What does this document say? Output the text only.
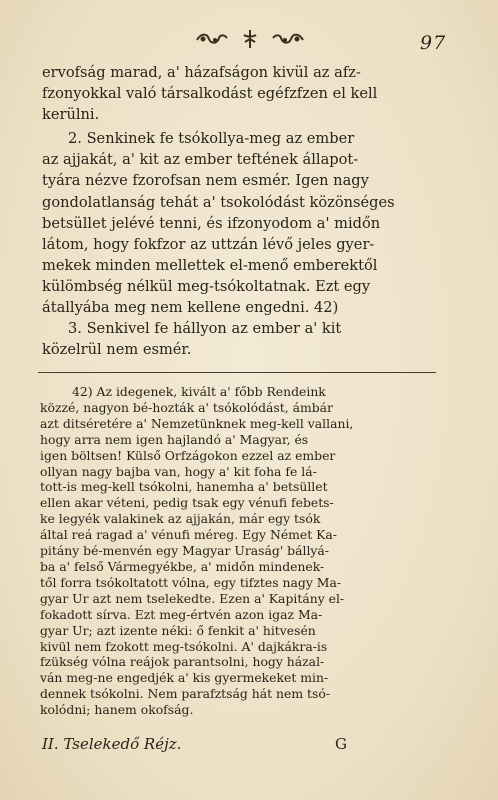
97

ervofság marad, a' házafságon kivül az afz-
fzonyokkal való társalkodást egéfzfzen el kell
kerülni.

2. Senkinek fe tsókollya-meg az ember
az ajjakát, a' kit az ember teftének állapot-
tyára nézve fzorofsan nem esmér. Igen nagy
gondolatlanság tehát a' tsokolódást közönséges
betsüllet jelévé tenni, és ifzonyodom a' midőn
látom, hogy fokfzor az uttzán lévő jeles gyer-
mekek minden mellettek el-menő emberektől
külömbség nélkül meg-tsókoltatnak. Ezt egy
átallyába meg nem kellene engedni. 42)

3. Senkivel fe hállyon az ember a' kit
közelrül nem esmér.

42) Az idegenek, kivált a' főbb Rendeink
közzé, nagyon bé-hozták a' tsókolódást, ámbár
azt ditséretére a' Nemzetünknek meg-kell vallani,
hogy arra nem igen hajlandó a' Magyar, és
igen böltsen! Külső Orfzágokon ezzel az ember
ollyan nagy bajba van, hogy a' kit foha fe lá-
tott-is meg-kell tsókolni, hanemha a' betsüllet
ellen akar véteni, pedig tsak egy vénufi febets-
ke legyék valakinek az ajjakán, már egy tsók
által reá ragad a' vénufi méreg. Egy Német Ka-
pitány bé-menvén egy Magyar Uraság' bállyá-
ba a' felső Vármegyékbe, a' midőn mindenek-
től forra tsókoltatott vólna, egy tifztes nagy Ma-
gyar Ur azt nem tselekedte. Ezen a' Kapitány el-
fokadott sírva. Ezt meg-értvén azon igaz Ma-
gyar Ur; azt izente néki: ő fenkit a' hitvesén
kivül nem fzokott meg-tsókolni. A' dajkákra-is
fzükség vólna reájok parantsolni, hogy házal-
ván meg-ne engedjék a' kis gyermekeket min-
dennek tsókolni. Nem parafztság hát nem tsó-
kolódni; hanem okofság.
II. Tselekedő Réjz.	G
